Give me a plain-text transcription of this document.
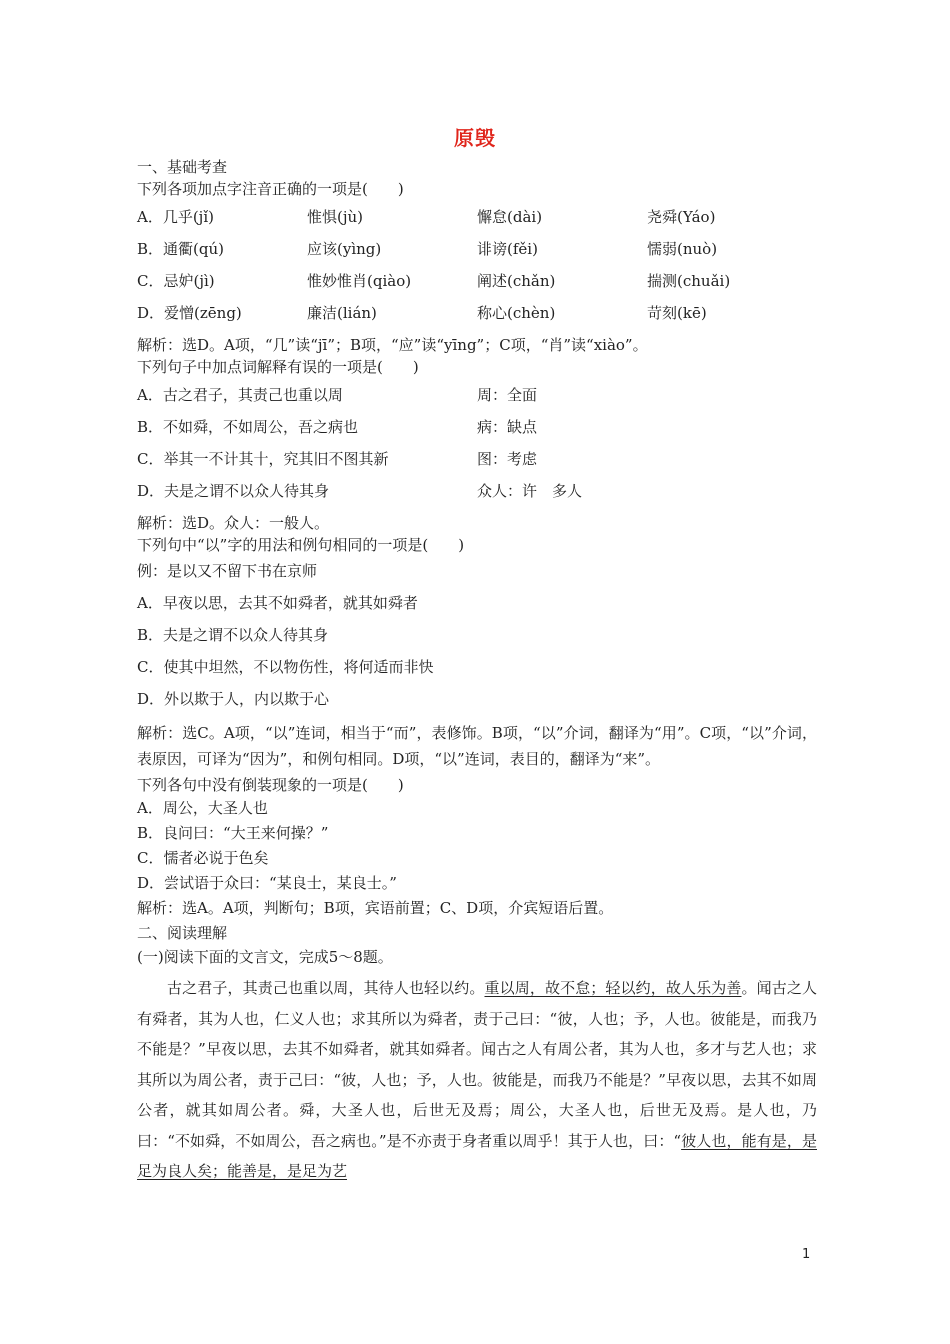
原毁
一、基础考查
下列各项加点字注音正确的一项是(　　)
A．几乎(jǐ)	惟惧(jù)	懈怠(dài)	尧舜(Yáo)
B．通衢(qú)	应该(yìng)	诽谤(fěi)	懦弱(nuò)
C．忌妒(jì)	惟妙惟肖(qiào)	阐述(chǎn)	揣测(chuǎi)
D．爱憎(zēng)	廉洁(lián)	称心(chèn)	苛刻(kē)
解析：选D。A项，“几”读“jī”；B项，“应”读“yīng”；C项，“肖”读“xiào”。
下列句子中加点词解释有误的一项是(　　)
A．古之君子，其责己也重以周	周：全面
B．不如舜，不如周公，吾之病也	病：缺点
C．举其一不计其十，究其旧不图其新	图：考虑
D．夫是之谓不以众人待其身	众人：许　多人
解析：选D。众人：一般人。
下列句中“以”字的用法和例句相同的一项是(　　)
例：是以又不留下书在京师
A．早夜以思，去其不如舜者，就其如舜者
B．夫是之谓不以众人待其身
C．使其中坦然，不以物伤性，将何适而非快
D．外以欺于人，内以欺于心

解析：选C。A项，“以”连词，相当于“而”，表修饰。B项，“以”介词，翻译为“用”。C项，“以”介词，表原因，可译为“因为”，和例句相同。D项，“以”连词，表目的，翻译为“来”。

下列各句中没有倒装现象的一项是(　　)
A．周公，大圣人也
B．良问曰：“大王来何操？”
C．懦者必说于色矣
D．尝试语于众曰：“某良士，某良士。”
解析：选A。A项，判断句；B项，宾语前置；C、D项，介宾短语后置。
二、阅读理解
(一)阅读下面的文言文，完成5～8题。

古之君子，其责己也重以周，其待人也轻以约。重以周，故不怠；轻以约，故人乐为善。闻古之人有舜者，其为人也，仁义人也；求其所以为舜者，责于己曰：“彼，人也；予，人也。彼能是，而我乃不能是？”早夜以思，去其不如舜者，就其如舜者。闻古之人有周公者，其为人也，多才与艺人也；求其所以为周公者，责于己曰：“彼，人也；予，人也。彼能是，而我乃不能是？”早夜以思，去其不如周公者，就其如周公者。舜，大圣人也，后世无及焉；周公，大圣人也，后世无及焉。是人也，乃曰：“不如舜，不如周公，吾之病也。”是不亦责于身者重以周乎！其于人也，曰：“彼人也，能有是，是足为良人矣；能善是，是足为艺

1
